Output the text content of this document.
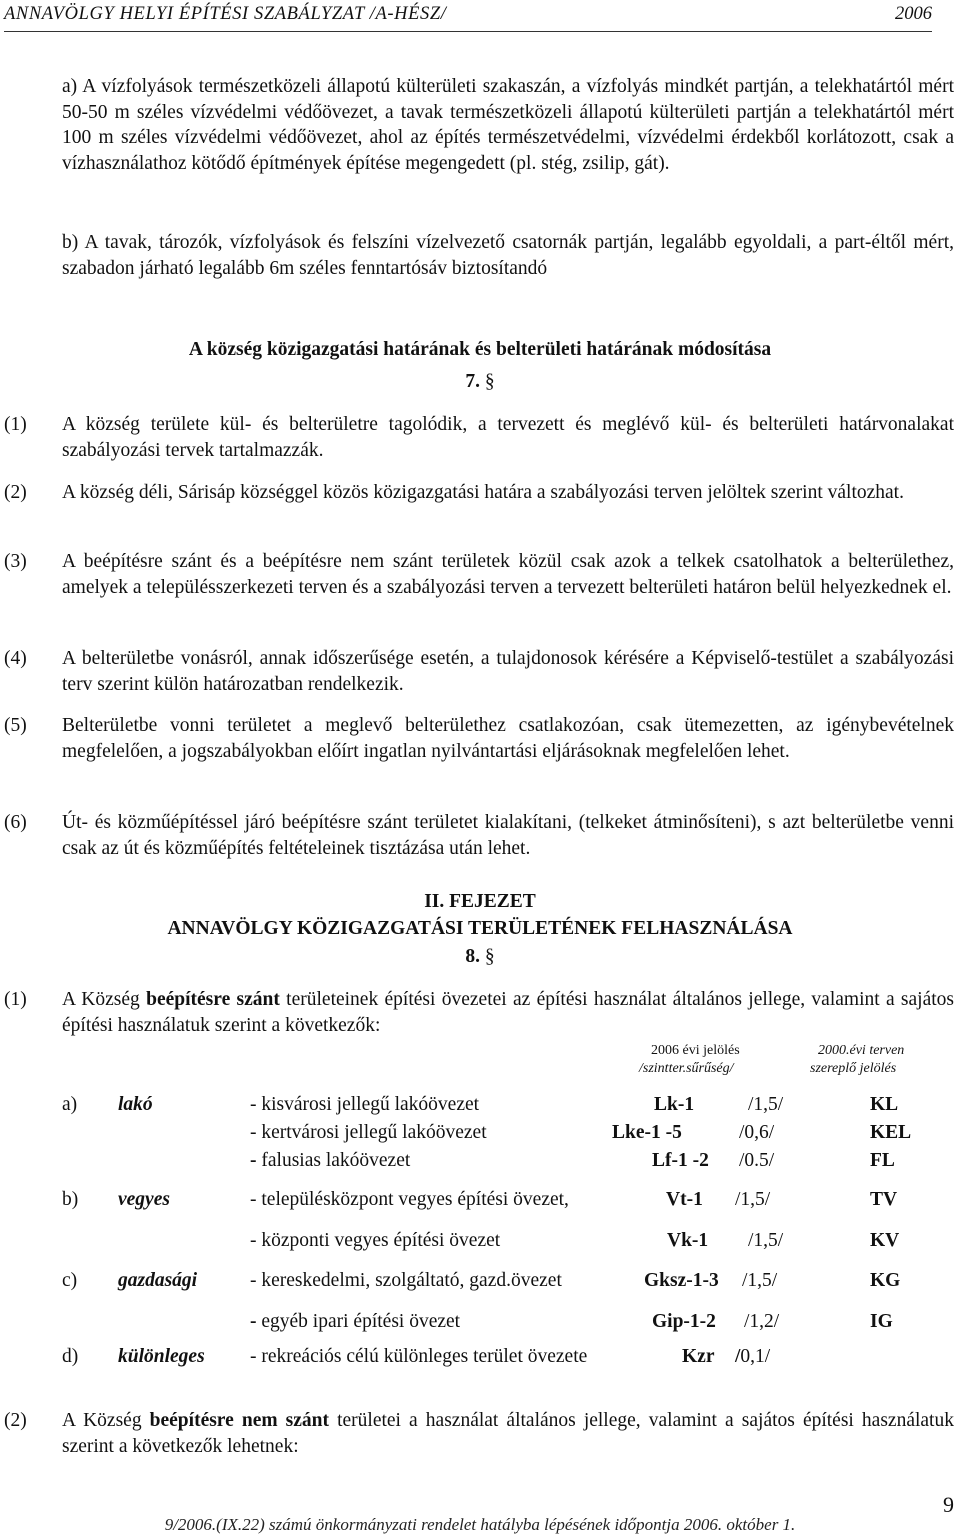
ANNAVÖLGY HELYI ÉPÍTÉSI SZABÁLYZAT /A-HÉSZ/	2006
a) A vízfolyások természetközeli állapotú külterületi szakaszán, a vízfolyás mindkét partján, a telekhatártól mért 50-50 m széles vízvédelmi védőövezet, a tavak természetközeli állapotú külterületi partján a telekhatártól mért 100 m széles vízvédelmi védőövezet, ahol az építés természetvédelmi, vízvédelmi érdekből korlátozott, csak a vízhasználathoz kötődő építmények építése megengedett (pl. stég, zsilip, gát).
b) A tavak, tározók, vízfolyások és felszíni vízelvezető csatornák partján, legalább egyoldali, a part-éltől mért, szabadon járható legalább 6m széles fenntartósáv biztosítandó
A község közigazgatási határának és belterületi határának módosítása
7. §
(1) A község területe kül- és belterületre tagolódik, a tervezett és meglévő kül- és belterületi határvonalakat szabályozási tervek tartalmazzák.
(2) A község déli, Sárisáp községgel közös közigazgatási határa a szabályozási terven jelöltek szerint változhat.
(3) A beépítésre szánt és a beépítésre nem szánt területek közül csak azok a telkek csatolhatok a belterülethez, amelyek a településszerkezeti terven és a szabályozási terven a tervezett belterületi határon belül helyezkednek el.
(4) A belterületbe vonásról, annak időszerűsége esetén, a tulajdonosok kérésére a Képviselő-testület a szabályozási terv szerint külön határozatban rendelkezik.
(5) Belterületbe vonni területet a meglevő belterülethez csatlakozóan, csak ütemezetten, az igénybevételnek megfelelően, a jogszabályokban előírt ingatlan nyilvántartási eljárásoknak megfelelően lehet.
(6) Út- és közműépítéssel járó beépítésre szánt területet kialakítani, (telkeket átminősíteni), s azt belterületbe venni csak az út és közműépítés feltételeinek tisztázása után lehet.
II. FEJEZET
ANNAVÖLGY KÖZIGAZGATÁSI TERÜLETÉNEK FELHASZNÁLÁSA
8. §
(1) A Község beépítésre szánt területeinek építési övezetei az építési használat általános jellege, valamint a sajátos építési használatuk szerint a következők:
2006 évi jelölés
/szintter.sűrűség/
2000.évi terven
szereplő jelölés
a) lakó	- kisvárosi jellegű lakóövezet	Lk-1	/1,5/	KL
- kertvárosi jellegű lakóövezet	Lke-1 -5	/0,6/	KEL
- falusias lakóövezet	Lf-1 -2 /0.5/	FL
b) vegyes	- településközpont vegyes építési övezet,	Vt-1 /1,5/	TV
- központi vegyes építési övezet	Vk-1 /1,5/	KV
c) gazdasági	- kereskedelmi, szolgáltató, gazd.övezet	Gksz-1-3 /1,5/	KG
- egyéb ipari építési övezet	Gip-1-2 /1,2/	IG
d) különleges - rekreációs célú különleges terület övezete	Kzr /0,1/
(2) A Község beépítésre nem szánt területei a használat általános jellege, valamint a sajátos építési használatuk szerint a következők lehetnek:
9
9/2006.(IX.22) számú önkormányzati rendelet hatályba lépésének időpontja 2006. október 1.
